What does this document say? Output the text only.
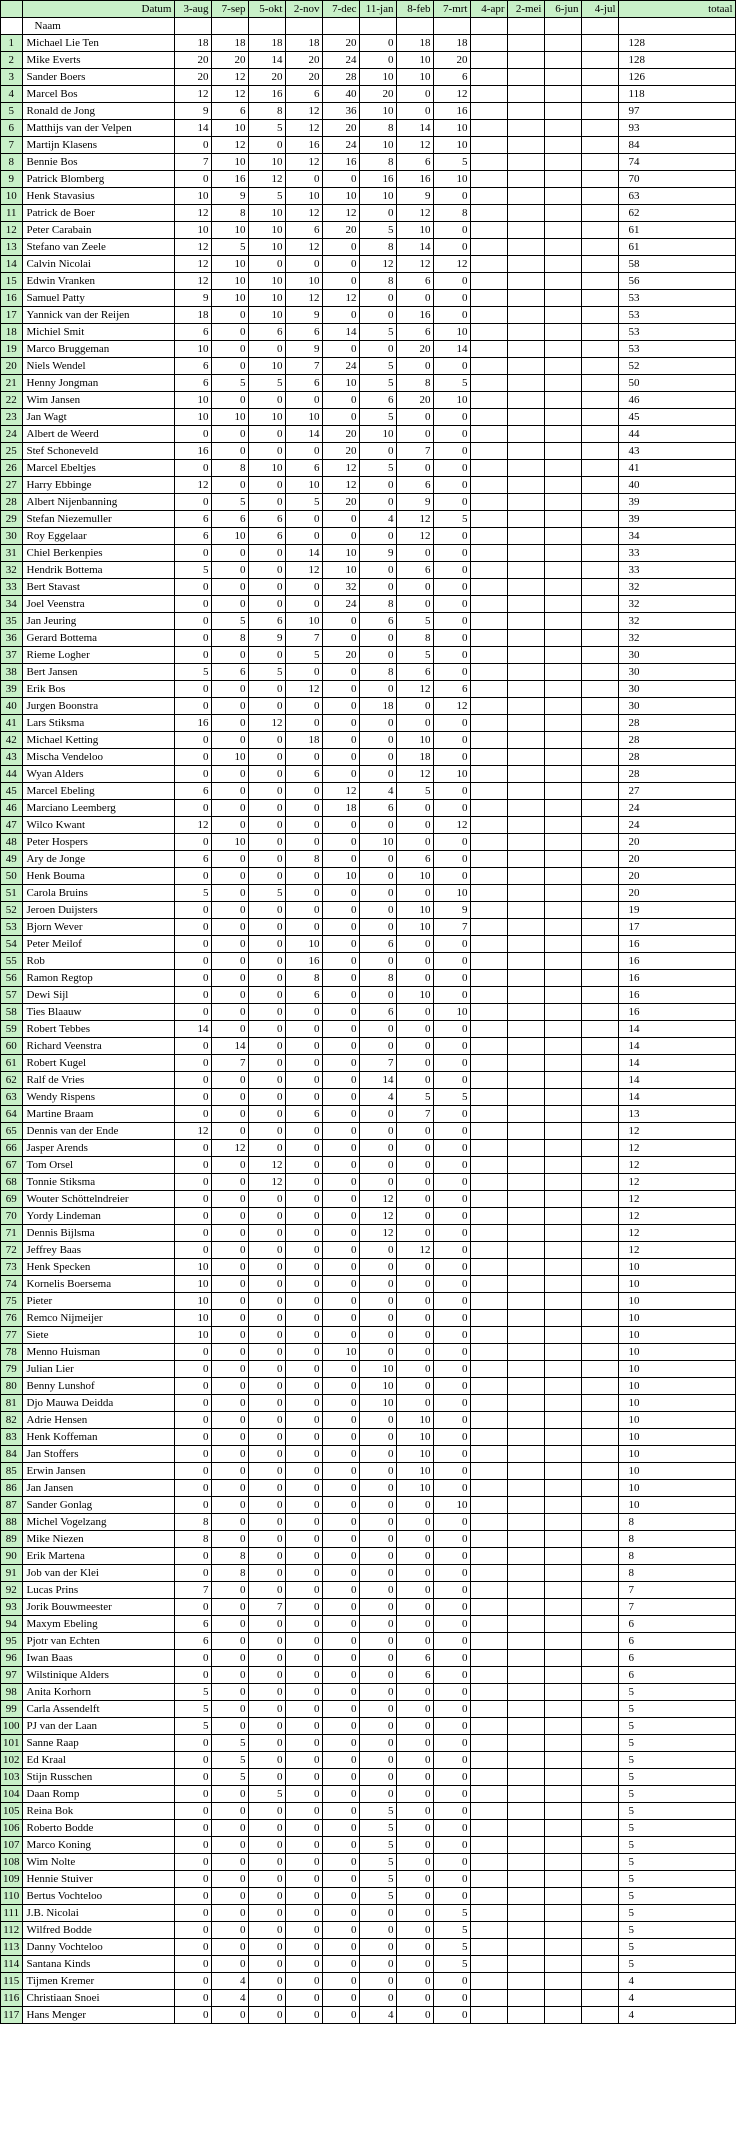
	Datum	3-aug	7-sep	5-okt	2-nov	7-dec	11-jan	8-feb	7-mrt	4-apr	2-mei	6-jun	4-jul	totaal
	Naam													
1	Michael Lie Ten	18	18	18	18	20	0	18	18					128
2	Mike Everts	20	20	14	20	24	0	10	20					128
3	Sander Boers	20	12	20	20	28	10	10	6					126
4	Marcel Bos	12	12	16	6	40	20	0	12					118
5	Ronald de Jong	9	6	8	12	36	10	0	16					97
6	Matthijs van der Velpen	14	10	5	12	20	8	14	10					93
7	Martijn Klasens	0	12	0	16	24	10	12	10					84
8	Bennie Bos	7	10	10	12	16	8	6	5					74
9	Patrick Blomberg	0	16	12	0	0	16	16	10					70
10	Henk Stavasius	10	9	5	10	10	10	9	0					63
11	Patrick de Boer	12	8	10	12	12	0	12	8					62
12	Peter Carabain	10	10	10	6	20	5	10	0					61
13	Stefano van Zeele	12	5	10	12	0	8	14	0					61
14	Calvin Nicolai	12	10	0	0	0	12	12	12					58
15	Edwin Vranken	12	10	10	10	0	8	6	0					56
16	Samuel Patty	9	10	10	12	12	0	0	0					53
17	Yannick van der Reijen	18	0	10	9	0	0	16	0					53
18	Michiel Smit	6	0	6	6	14	5	6	10					53
19	Marco Bruggeman	10	0	0	9	0	0	20	14					53
20	Niels Wendel	6	0	10	7	24	5	0	0					52
21	Henny Jongman	6	5	5	6	10	5	8	5					50
22	Wim Jansen	10	0	0	0	0	6	20	10					46
23	Jan Wagt	10	10	10	10	0	5	0	0					45
24	Albert de Weerd	0	0	0	14	20	10	0	0					44
25	Stef Schoneveld	16	0	0	0	20	0	7	0					43
26	Marcel Ebeltjes	0	8	10	6	12	5	0	0					41
27	Harry Ebbinge	12	0	0	10	12	0	6	0					40
28	Albert Nijenbanning	0	5	0	5	20	0	9	0					39
29	Stefan Niezemuller	6	6	6	0	0	4	12	5					39
30	Roy Eggelaar	6	10	6	0	0	0	12	0					34
31	Chiel Berkenpies	0	0	0	14	10	9	0	0					33
32	Hendrik Bottema	5	0	0	12	10	0	6	0					33
33	Bert Stavast	0	0	0	0	32	0	0	0					32
34	Joel Veenstra	0	0	0	0	24	8	0	0					32
35	Jan Jeuring	0	5	6	10	0	6	5	0					32
36	Gerard Bottema	0	8	9	7	0	0	8	0					32
37	Rieme Logher	0	0	0	5	20	0	5	0					30
38	Bert Jansen	5	6	5	0	0	8	6	0					30
39	Erik Bos	0	0	0	12	0	0	12	6					30
40	Jurgen Boonstra	0	0	0	0	0	18	0	12					30
41	Lars Stiksma	16	0	12	0	0	0	0	0					28
42	Michael Ketting	0	0	0	18	0	0	10	0					28
43	Mischa Vendeloo	0	10	0	0	0	0	18	0					28
44	Wyan Alders	0	0	0	6	0	0	12	10					28
45	Marcel Ebeling	6	0	0	0	12	4	5	0					27
46	Marciano Leemberg	0	0	0	0	18	6	0	0					24
47	Wilco Kwant	12	0	0	0	0	0	0	12					24
48	Peter Hospers	0	10	0	0	0	10	0	0					20
49	Ary de Jonge	6	0	0	8	0	0	6	0					20
50	Henk Bouma	0	0	0	0	10	0	10	0					20
51	Carola Bruins	5	0	5	0	0	0	0	10					20
52	Jeroen Duijsters	0	0	0	0	0	0	10	9					19
53	Bjorn Wever	0	0	0	0	0	0	10	7					17
54	Peter Meilof	0	0	0	10	0	6	0	0					16
55	Rob	0	0	0	16	0	0	0	0					16
56	Ramon Regtop	0	0	0	8	0	8	0	0					16
57	Dewi Sijl	0	0	0	6	0	0	10	0					16
58	Ties Blaauw	0	0	0	0	0	6	0	10					16
59	Robert Tebbes	14	0	0	0	0	0	0	0					14
60	Richard Veenstra	0	14	0	0	0	0	0	0					14
61	Robert Kugel	0	7	0	0	0	7	0	0					14
62	Ralf de Vries	0	0	0	0	0	14	0	0					14
63	Wendy Rispens	0	0	0	0	0	4	5	5					14
64	Martine Braam	0	0	0	6	0	0	7	0					13
65	Dennis van der Ende	12	0	0	0	0	0	0	0					12
66	Jasper Arends	0	12	0	0	0	0	0	0					12
67	Tom Orsel	0	0	12	0	0	0	0	0					12
68	Tonnie Stiksma	0	0	12	0	0	0	0	0					12
69	Wouter Schöttelndreier	0	0	0	0	0	12	0	0					12
70	Yordy Lindeman	0	0	0	0	0	12	0	0					12
71	Dennis Bijlsma	0	0	0	0	0	12	0	0					12
72	Jeffrey Baas	0	0	0	0	0	0	12	0					12
73	Henk Specken	10	0	0	0	0	0	0	0					10
74	Kornelis Boersema	10	0	0	0	0	0	0	0					10
75	Pieter	10	0	0	0	0	0	0	0					10
76	Remco Nijmeijer	10	0	0	0	0	0	0	0					10
77	Siete	10	0	0	0	0	0	0	0					10
78	Menno Huisman	0	0	0	0	10	0	0	0					10
79	Julian Lier	0	0	0	0	0	10	0	0					10
80	Benny Lunshof	0	0	0	0	0	10	0	0					10
81	Djo Mauwa Deidda	0	0	0	0	0	10	0	0					10
82	Adrie Hensen	0	0	0	0	0	0	10	0					10
83	Henk Koffeman	0	0	0	0	0	0	10	0					10
84	Jan Stoffers	0	0	0	0	0	0	10	0					10
85	Erwin Jansen	0	0	0	0	0	0	10	0					10
86	Jan Jansen	0	0	0	0	0	0	10	0					10
87	Sander Gonlag	0	0	0	0	0	0	0	10					10
88	Michel Vogelzang	8	0	0	0	0	0	0	0					8
89	Mike Niezen	8	0	0	0	0	0	0	0					8
90	Erik Martena	0	8	0	0	0	0	0	0					8
91	Job van der Klei	0	8	0	0	0	0	0	0					8
92	Lucas Prins	7	0	0	0	0	0	0	0					7
93	Jorik Bouwmeester	0	0	7	0	0	0	0	0					7
94	Maxym Ebeling	6	0	0	0	0	0	0	0					6
95	Pjotr van Echten	6	0	0	0	0	0	0	0					6
96	Iwan Baas	0	0	0	0	0	0	6	0					6
97	Wilstinique Alders	0	0	0	0	0	0	6	0					6
98	Anita Korhorn	5	0	0	0	0	0	0	0					5
99	Carla Assendelft	5	0	0	0	0	0	0	0					5
100	PJ van der Laan	5	0	0	0	0	0	0	0					5
101	Sanne Raap	0	5	0	0	0	0	0	0					5
102	Ed Kraal	0	5	0	0	0	0	0	0					5
103	Stijn Russchen	0	5	0	0	0	0	0	0					5
104	Daan Romp	0	0	5	0	0	0	0	0					5
105	Reina Bok	0	0	0	0	0	5	0	0					5
106	Roberto Bodde	0	0	0	0	0	5	0	0					5
107	Marco Koning	0	0	0	0	0	5	0	0					5
108	Wim Nolte	0	0	0	0	0	5	0	0					5
109	Hennie Stuiver	0	0	0	0	0	5	0	0					5
110	Bertus Vochteloo	0	0	0	0	0	5	0	0					5
111	J.B. Nicolai	0	0	0	0	0	0	0	5					5
112	Wilfred Bodde	0	0	0	0	0	0	0	5					5
113	Danny Vochteloo	0	0	0	0	0	0	0	5					5
114	Santana Kinds	0	0	0	0	0	0	0	5					5
115	Tijmen Kremer	0	4	0	0	0	0	0	0					4
116	Christiaan Snoei	0	4	0	0	0	0	0	0					4
117	Hans Menger	0	0	0	0	0	4	0	0					4
